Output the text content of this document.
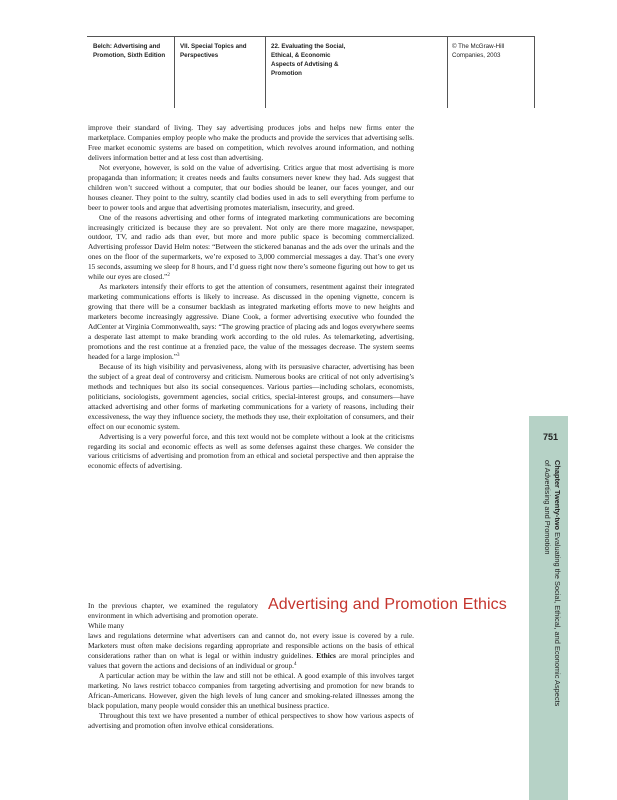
Belch: Advertising and
Promotion, Sixth Edition
VII. Special Topics and
Perspectives
22. Evaluating the Social,
Ethical, & Economic
Aspects of Advtising &
Promotion
© The McGraw-Hill
Companies, 2003

improve their standard of living. They say advertising produces jobs and helps new firms enter the marketplace. Companies employ people who make the products and provide the services that advertising sells. Free market economic systems are based on competition, which revolves around information, and nothing delivers information better and at less cost than advertising.

Not everyone, however, is sold on the value of advertising. Critics argue that most advertising is more propaganda than information; it creates needs and faults consumers never knew they had. Ads suggest that children won’t succeed without a computer, that our bodies should be leaner, our faces younger, and our houses cleaner. They point to the sultry, scantily clad bodies used in ads to sell everything from perfume to beer to power tools and argue that advertising promotes materialism, insecurity, and greed.

One of the reasons advertising and other forms of integrated marketing communications are becoming increasingly criticized is because they are so prevalent. Not only are there more magazine, newspaper, outdoor, TV, and radio ads than ever, but more and more public space is becoming commercialized. Advertising professor David Helm notes: “Between the stickered bananas and the ads over the urinals and the ones on the floor of the supermarkets, we’re exposed to 3,000 commercial messages a day. That’s one every 15 seconds, assuming we sleep for 8 hours, and I’d guess right now there’s someone figuring out how to get us while our eyes are closed.”$^2$

As marketers intensify their efforts to get the attention of consumers, resentment against their integrated marketing communications efforts is likely to increase. As discussed in the opening vignette, concern is growing that there will be a consumer backlash as integrated marketing efforts move to new heights and marketers become increasingly aggressive. Diane Cook, a former advertising executive who founded the AdCenter at Virginia Commonwealth, says: “The growing practice of placing ads and logos everywhere seems a desperate last attempt to make branding work according to the old rules. As telemarketing, advertising, promotions and the rest continue at a frenzied pace, the value of the messages decrease. The system seems headed for a large implosion.”$^3$

Because of its high visibility and pervasiveness, along with its persuasive character, advertising has been the subject of a great deal of controversy and criticism. Numerous books are critical of not only advertising’s methods and techniques but also its social consequences. Various parties—including scholars, economists, politicians, sociologists, government agencies, social critics, special-interest groups, and consumers—have attacked advertising and other forms of marketing communications for a variety of reasons, including their excessiveness, the way they influence society, the methods they use, their exploitation of consumers, and their effect on our economic system.

Advertising is a very powerful force, and this text would not be complete without a look at the criticisms regarding its social and economic effects as well as some defenses against these charges. We consider the various criticisms of advertising and promotion from an ethical and societal perspective and then appraise the economic effects of advertising.

Advertising and Promotion Ethics
In the previous chapter, we examined the regulatory environment in which advertising and promotion operate. While many

laws and regulations determine what advertisers can and cannot do, not every issue is covered by a rule. Marketers must often make decisions regarding appropriate and responsible actions on the basis of ethical considerations rather than on what is legal or within industry guidelines. Ethics are moral principles and values that govern the actions and decisions of an individual or group.$^4$

A particular action may be within the law and still not be ethical. A good example of this involves target marketing. No laws restrict tobacco companies from targeting advertising and promotion for new brands to African-Americans. However, given the high levels of lung cancer and smoking-related illnesses among the black population, many people would consider this an unethical business practice.

Throughout this text we have presented a number of ethical perspectives to show how various aspects of advertising and promotion often involve ethical considerations.

751
Chapter Twenty-two Evaluating the Social, Ethical, and Economic Aspects
of Advertising and Promotion
